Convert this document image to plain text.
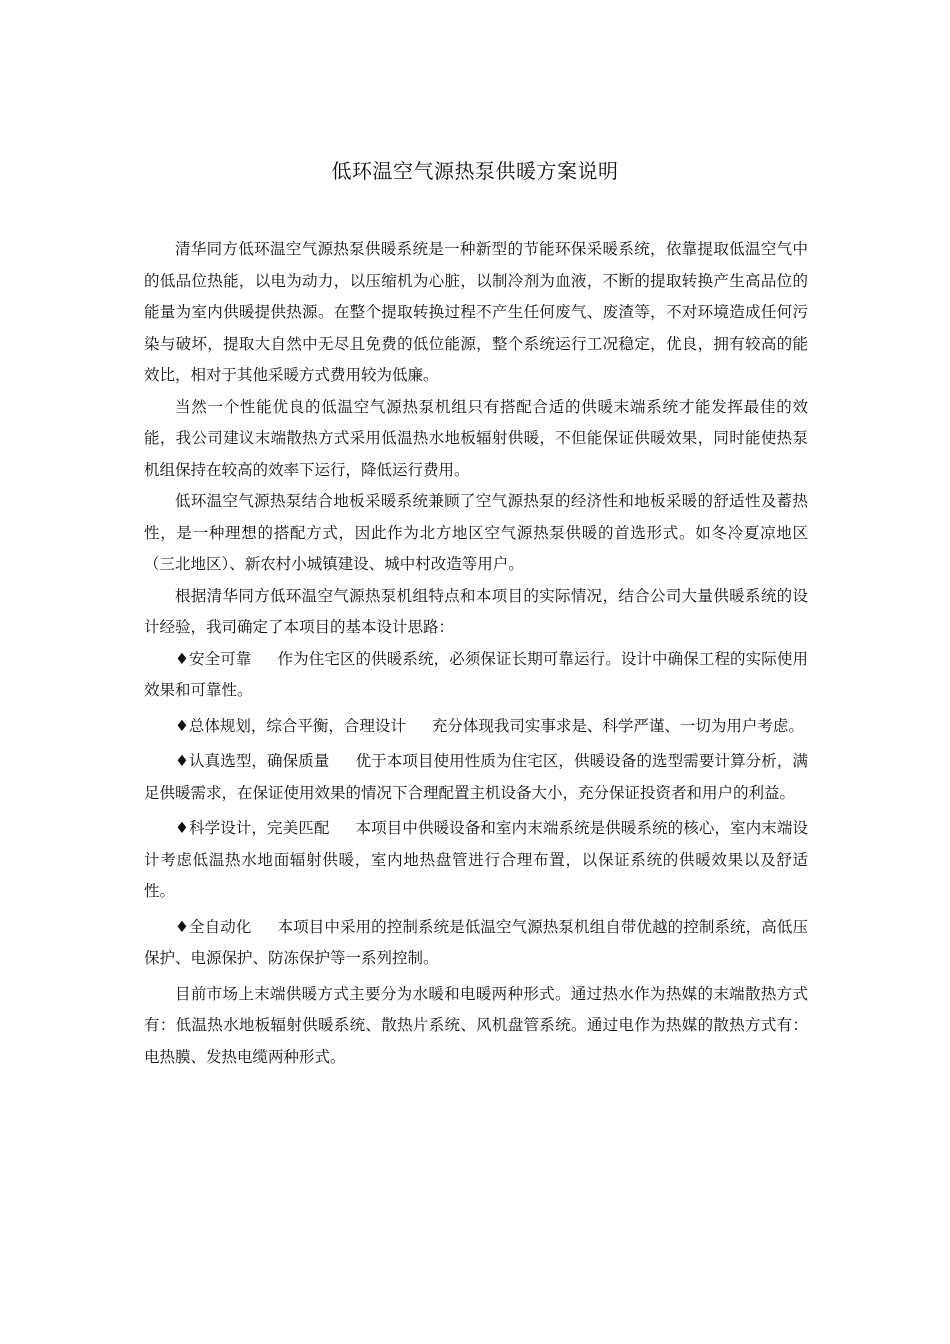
低环温空气源热泵供暖方案说明

清华同方低环温空气源热泵供暖系统是一种新型的节能环保采暖系统，依靠提取低温空气中的低品位热能，以电为动力，以压缩机为心脏，以制冷剂为血液，不断的提取转换产生高品位的能量为室内供暖提供热源。在整个提取转换过程不产生任何废气、废渣等，不对环境造成任何污染与破坏，提取大自然中无尽且免费的低位能源，整个系统运行工况稳定，优良，拥有较高的能效比，相对于其他采暖方式费用较为低廉。

当然一个性能优良的低温空气源热泵机组只有搭配合适的供暖末端系统才能发挥最佳的效能，我公司建议末端散热方式采用低温热水地板辐射供暖，不但能保证供暖效果，同时能使热泵机组保持在较高的效率下运行，降低运行费用。

低环温空气源热泵结合地板采暖系统兼顾了空气源热泵的经济性和地板采暖的舒适性及蓄热性，是一种理想的搭配方式，因此作为北方地区空气源热泵供暖的首选形式。如冬冷夏凉地区（三北地区）、新农村小城镇建设、城中村改造等用户。

根据清华同方低环温空气源热泵机组特点和本项目的实际情况，结合公司大量供暖系统的设计经验，我司确定了本项目的基本设计思路：

♦安全可靠 作为住宅区的供暖系统，必须保证长期可靠运行。设计中确保工程的实际使用效果和可靠性。

♦总体规划，综合平衡，合理设计 充分体现我司实事求是、科学严谨、一切为用户考虑。

♦认真选型，确保质量 优于本项目使用性质为住宅区，供暖设备的选型需要计算分析，满足供暖需求，在保证使用效果的情况下合理配置主机设备大小，充分保证投资者和用户的利益。

♦科学设计，完美匹配 本项目中供暖设备和室内末端系统是供暖系统的核心，室内末端设计考虑低温热水地面辐射供暖，室内地热盘管进行合理布置，以保证系统的供暖效果以及舒适性。

♦全自动化 本项目中采用的控制系统是低温空气源热泵机组自带优越的控制系统，高低压保护、电源保护、防冻保护等一系列控制。

目前市场上末端供暖方式主要分为水暖和电暖两种形式。通过热水作为热媒的末端散热方式有：低温热水地板辐射供暖系统、散热片系统、风机盘管系统。通过电作为热媒的散热方式有：电热膜、发热电缆两种形式。
